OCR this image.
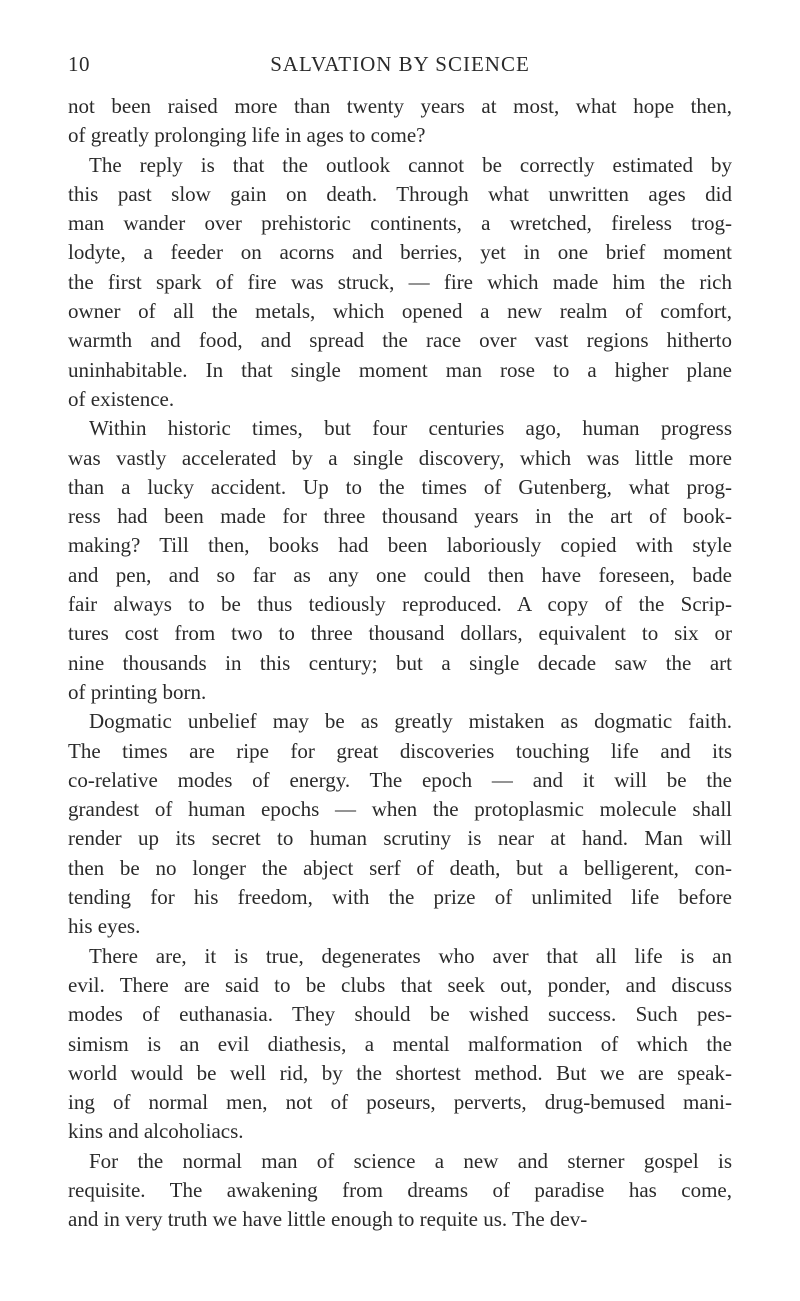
10	SALVATION BY SCIENCE
not been raised more than twenty years at most, what hope then,
of greatly prolonging life in ages to come?
The reply is that the outlook cannot be correctly estimated by
this past slow gain on death. Through what unwritten ages did
man wander over prehistoric continents, a wretched, fireless trog-
lodyte, a feeder on acorns and berries, yet in one brief moment
the first spark of fire was struck, — fire which made him the rich
owner of all the metals, which opened a new realm of comfort,
warmth and food, and spread the race over vast regions hitherto
uninhabitable. In that single moment man rose to a higher plane
of existence.
Within historic times, but four centuries ago, human progress
was vastly accelerated by a single discovery, which was little more
than a lucky accident. Up to the times of Gutenberg, what prog-
ress had been made for three thousand years in the art of book-
making? Till then, books had been laboriously copied with style
and pen, and so far as any one could then have foreseen, bade
fair always to be thus tediously reproduced. A copy of the Scrip-
tures cost from two to three thousand dollars, equivalent to six or
nine thousands in this century; but a single decade saw the art
of printing born.
Dogmatic unbelief may be as greatly mistaken as dogmatic faith.
The times are ripe for great discoveries touching life and its
co-relative modes of energy. The epoch — and it will be the
grandest of human epochs — when the protoplasmic molecule shall
render up its secret to human scrutiny is near at hand. Man will
then be no longer the abject serf of death, but a belligerent, con-
tending for his freedom, with the prize of unlimited life before
his eyes.
There are, it is true, degenerates who aver that all life is an
evil. There are said to be clubs that seek out, ponder, and discuss
modes of euthanasia. They should be wished success. Such pes-
simism is an evil diathesis, a mental malformation of which the
world would be well rid, by the shortest method. But we are speak-
ing of normal men, not of poseurs, perverts, drug-bemused mani-
kins and alcoholiacs.
For the normal man of science a new and sterner gospel is
requisite. The awakening from dreams of paradise has come,
and in very truth we have little enough to requite us. The dev-
